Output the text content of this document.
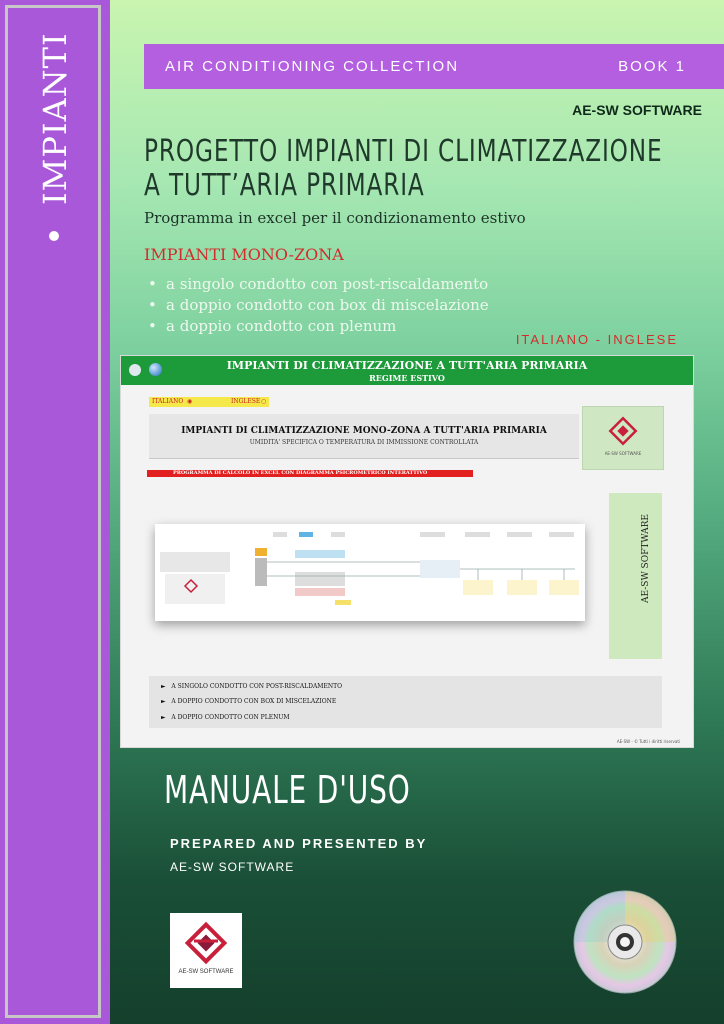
IMPIANTI	AIR CONDITIONING COLLECTION	BOOK 1
AE-SW SOFTWARE
PROGETTO IMPIANTI DI CLIMATIZZAZIONE
A TUTT’ARIA PRIMARIA
Programma in excel per il condizionamento estivo
IMPIANTI MONO-ZONA
• a singolo condotto con post-riscaldamento
• a doppio condotto con box di miscelazione
• a doppio condotto con plenum
ITALIANO - INGLESE
IMPIANTI DI CLIMATIZZAZIONE A TUTT'ARIA PRIMARIA
REGIME ESTIVO
ITALIANO ◉	INGLESE ○
IMPIANTI DI CLIMATIZZAZIONE MONO-ZONA A TUTT'ARIA PRIMARIA
UMIDITA' SPECIFICA O TEMPERATURA DI IMMISSIONE CONTROLLATA
AE-SW SOFTWARE
PROGRAMMA DI CALCOLO IN EXCEL CON DIAGRAMMA PSICROMETRICO INTERATTIVO
AE-SW SOFTWARE
►   A SINGOLO CONDOTTO CON POST-RISCALDAMENTO
►   A DOPPIO CONDOTTO CON BOX DI MISCELAZIONE
►   A DOPPIO CONDOTTO CON PLENUM
AE-SW - © Tutti i diritti riservati
MANUALE D'USO
PREPARED AND PRESENTED BY
AE-SW SOFTWARE
AE-SW SOFTWARE
